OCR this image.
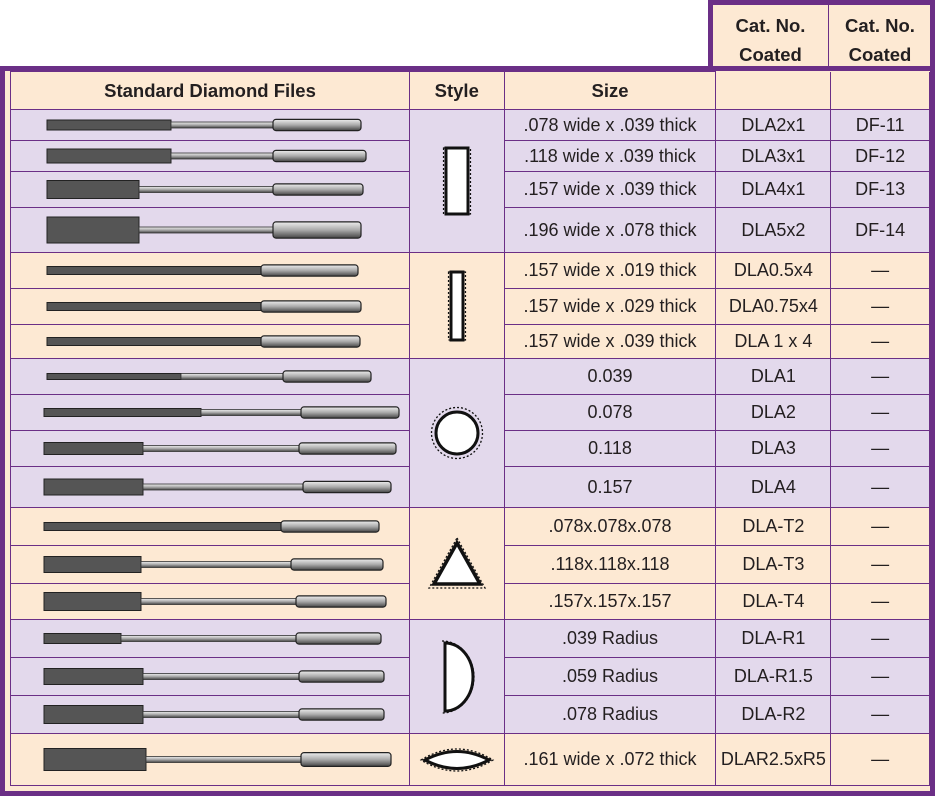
Cat. No.
Coated
Cat. No.
Coated
Standard Diamond Files	Style	Size		

	.078 wide x .039 thick	DLA2x1	DF-11

	.118 wide x .039 thick	DLA3x1	DF-12

	.157 wide x .039 thick	DLA4x1	DF-13

	.196 wide x .078 thick	DLA5x2	DF-14

	.157 wide x .019 thick	DLA0.5x4	—

	.157 wide x .029 thick	DLA0.75x4	—

	.157 wide x .039 thick	DLA 1 x 4	—

	0.039	DLA1	—

	0.078	DLA2	—

	0.118	DLA3	—

	0.157	DLA4	—

	.078x.078x.078	DLA-T2	—

	.118x.118x.118	DLA-T3	—

	.157x.157x.157	DLA-T4	—

	.039 Radius	DLA-R1	—

	.059 Radius	DLA-R1.5	—

	.078 Radius	DLA-R2	—

	.161 wide x .072 thick	DLAR2.5xR5	—
